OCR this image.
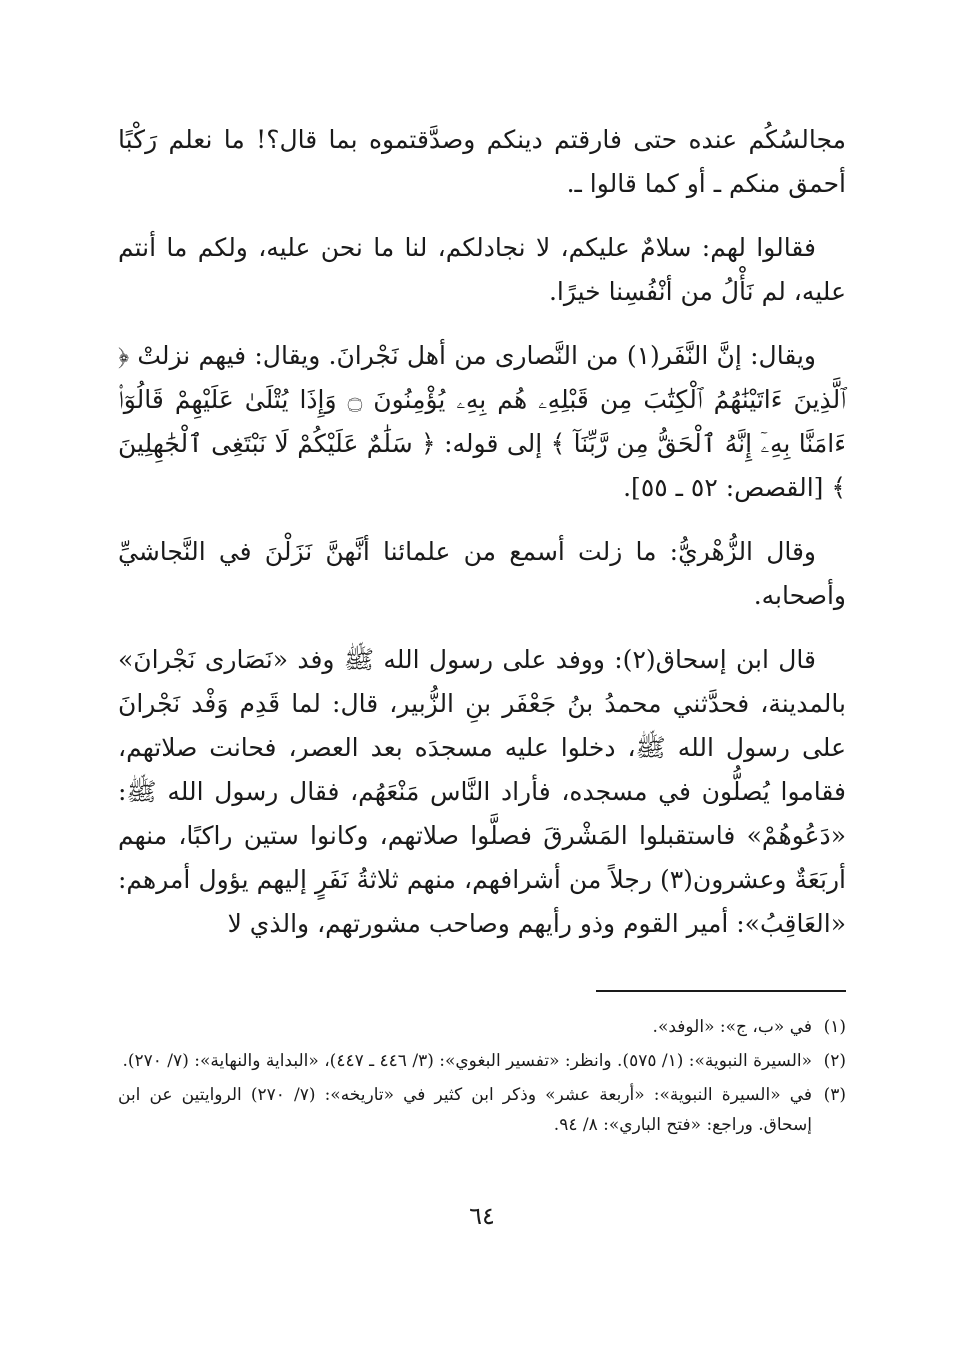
مجالسُكُم عنده حتى فارقتم دينكم وصدَّقتموه بما قال؟! ما نعلم رَكْبًا أحمق منكم ـ أو كما قالوا ـ.

فقالوا لهم: سلامٌ عليكم، لا نجادلكم، لنا ما نحن عليه، ولكم ما أنتم عليه، لم نَأْلُ من أنْفُسِنا خيرًا.

ويقال: إنَّ النَّفَر(١) من النَّصارى من أهل نَجْرانَ. ويقال: فيهم نزلتْ ﴿ ٱلَّذِينَ ءَاتَيْنَٰهُمُ ٱلْكِتَٰبَ مِن قَبْلِهِۦ هُم بِهِۦ يُؤْمِنُونَ ۝ وَإِذَا يُتْلَىٰ عَلَيْهِمْ قَالُوٓا۟ ءَامَنَّا بِهِۦٓ إِنَّهُ ٱلْحَقُّ مِن رَّبِّنَآ ﴾ إلى قوله: ﴿ سَلَٰمٌ عَلَيْكُمْ لَا نَبْتَغِى ٱلْجَٰهِلِينَ ﴾ [القصص: ٥٢ ـ ٥٥].

وقال الزُّهْريُّ: ما زلت أسمع من علمائنا أنَّهنَّ نَزَلْنَ في النَّجاشيِّ وأصحابه.

قال ابن إسحاق(٢): ووفد على رسول الله ﷺ وفد «نَصَارى نَجْرانَ» بالمدينة، فحدَّثني محمدُ بنُ جَعْفَر بنِ الزُّبير، قال: لما قَدِم وَفْد نَجْرانَ على رسول الله ﷺ، دخلوا عليه مسجدَه بعد العصر، فحانت صلاتهم، فقاموا يُصلُّون في مسجده، فأراد النَّاس مَنْعَهُم، فقال رسول الله ﷺ: «دَعُوهُمْ» فاستقبلوا المَشْرقَ فصلَّوا صلاتهم، وكانوا ستين راكبًا، منهم أربَعَةٌ وعشرون(٣) رجلاً من أشرافهم، منهم ثلاثةُ نَفَرٍ إليهم يؤول أمرهم: «العَاقِبُ»: أمير القوم وذو رأيهم وصاحب مشورتهم، والذي لا

(١)
في «ب، ج»: «الوفد».
(٢)
«السيرة النبوية»: (١/ ٥٧٥). وانظر: «تفسير البغوي»: (٣/ ٤٤٦ ـ ٤٤٧)، «البداية والنهاية»: (٧/ ٢٧٠).
(٣)
في «السيرة النبوية»: «أربعة عشر» وذكر ابن كثير في «تاريخه»: (٧/ ٢٧٠) الروايتين عن ابن إسحاق. وراجع: «فتح الباري»: ٨/ ٩٤.
٦٤
